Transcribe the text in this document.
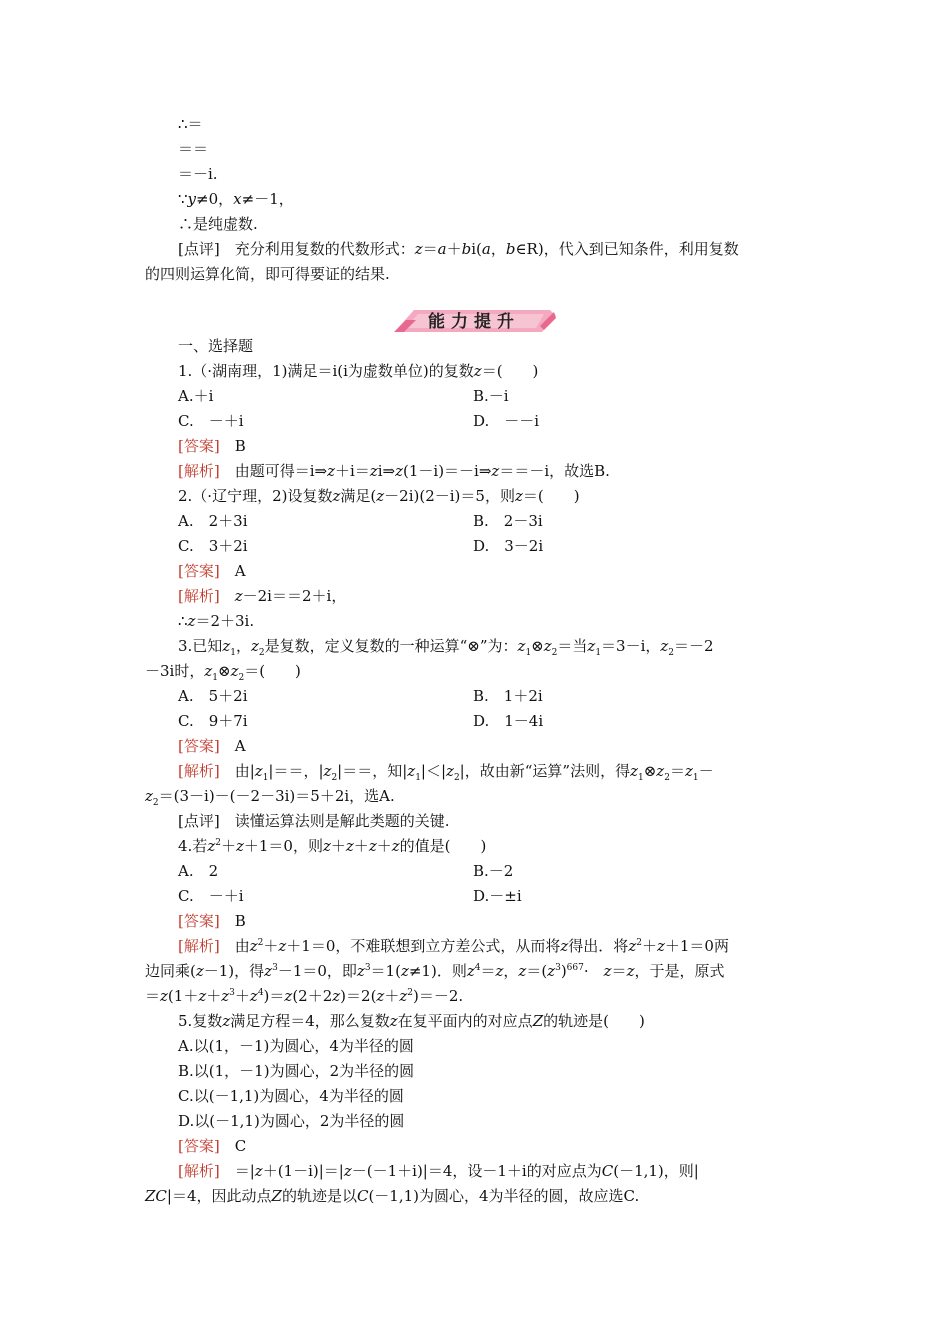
能力提升
∴＝
＝＝
＝－i.
∵y≠0，x≠－1，
∴是纯虚数.
[点评]　充分利用复数的代数形式：z＝a＋bi(a，b∈R)，代入到已知条件，利用复数
的四则运算化简，即可得要证的结果.
一、选择题
1.（·湖南理，1)满足＝i(i为虚数单位)的复数z＝(　　)
A.＋i	B.－i
C.　－＋i	D.　－－i
[答案]　B
[解析]　由题可得＝i⇒z＋i＝zi⇒z(1－i)＝－i⇒z＝＝－i，故选B.
2.（·辽宁理，2)设复数z满足(z－2i)(2－i)＝5，则z＝(　　)
A.　2＋3i	B.　2－3i
C.　3＋2i	D.　3－2i
[答案]　A
[解析]　 z－2i＝＝2＋i，
∴z＝2＋3i.
3.已知$z_1$，$z_2$是复数，定义复数的一种运算“⊗”为：$z_1\otimes z_2=$当$z_1=3-i$，$z_2=-2$
－3i时，$z_1\otimes z_2=$(　　)
A.　5＋2i	B.　1＋2i
C.　9＋7i	D.　1－4i
[答案]　A
[解析]　由$|z_1|==$，$|z_2|==$，知$|z_1|<|z_2|$，故由新“运算”法则，得$z_1\otimes z_2=z_1-$
$z_2=(3-i)-(-2-3i)=5+2i$，选A.
[点评]　读懂运算法则是解此类题的关键.
4.若$z^2+z+1=0$，则z＋z＋z＋z的值是(　　)
A.　2	B.－2
C.　－＋i	D.－±i
[答案]　B
[解析]　由$z^2+z+1=0$，不难联想到立方差公式，从而将z得出．将$z^2+z+1=0$两
边同乘(z－1)，得$z^3-1=0$，即$z^3=1(z\ne 1)$．则$z^4=z$，$z=(z^3)^{667}\cdot$　z＝z，于是，原式
$=z(1+z+z^3+z^4)=z(2+2z)=2(z+z^2)=-2$.
5.复数z满足方程＝4，那么复数z在复平面内的对应点Z的轨迹是(　　)
A.以(1，－1)为圆心，4为半径的圆
B.以(1，－1)为圆心，2为半径的圆
C.以(－1,1)为圆心，4为半径的圆
D.以(－1,1)为圆心，2为半径的圆
[答案]　C
[解析]　＝|z＋(1－i)|＝|z－(－1＋i)|＝4，设－1＋i的对应点为C(－1,1)，则|
ZC|＝4，因此动点Z的轨迹是以C(－1,1)为圆心，4为半径的圆，故应选C.
